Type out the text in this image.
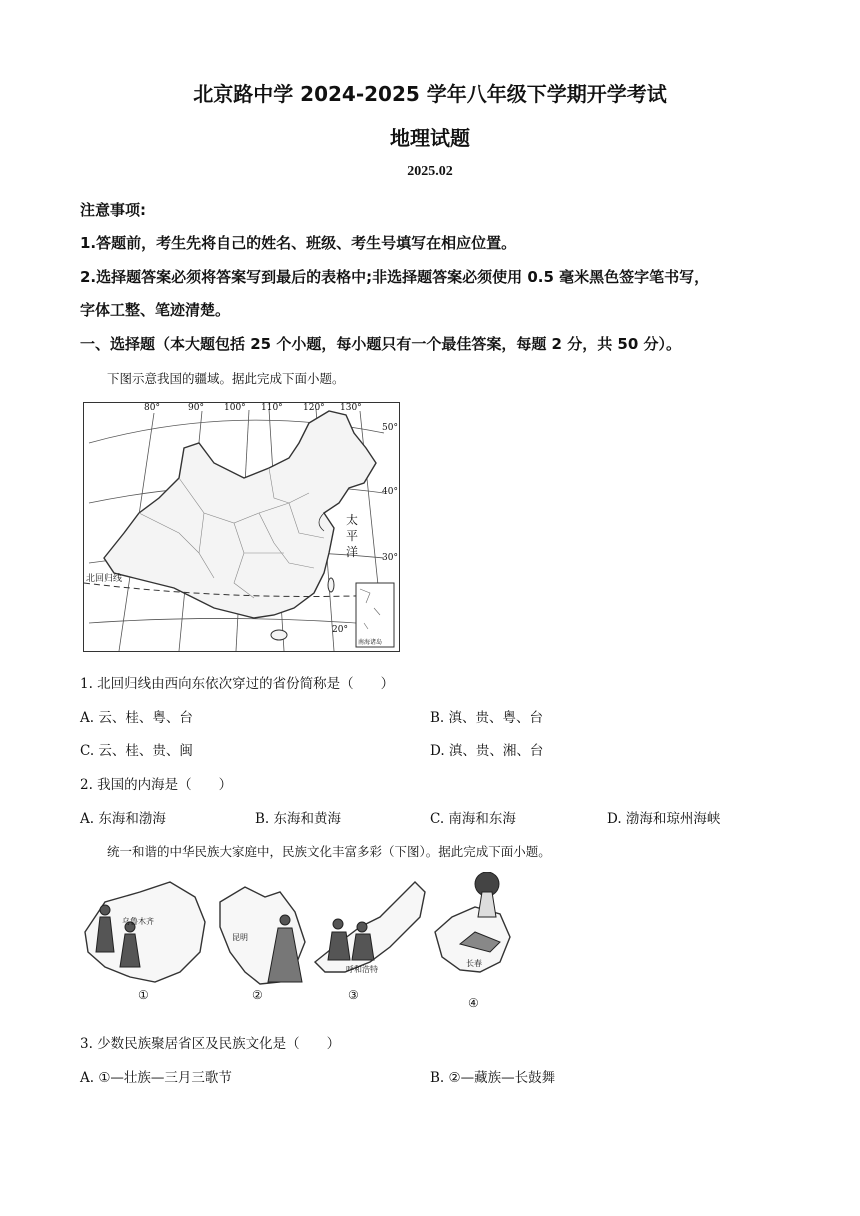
北京路中学 2024-2025 学年八年级下学期开学考试
地理试题
2025.02
注意事项:
1.答题前，考生先将自己的姓名、班级、考生号填写在相应位置。
2.选择题答案必须将答案写到最后的表格中;非选择题答案必须使用 0.5 毫米黑色签字笔书写，
字体工整、笔迹清楚。
一、选择题（本大题包括 25 个小题，每小题只有一个最佳答案，每题 2 分，共 50 分）。
下图示意我国的疆域。据此完成下面小题。
80°	90° 100° 110° 120° 130°
50°
40°
30°
20°
太
平
洋
北回归线
南海诸岛
1. 北回归线由西向东依次穿过的省份简称是（　　）
A. 云、桂、粤、台	B. 滇、贵、粤、台
C. 云、桂、贵、闽	D. 滇、贵、湘、台
2. 我国的内海是（　　）
A. 东海和渤海	B. 东海和黄海	C. 南海和东海	D. 渤海和琼州海峡
统一和谐的中华民族大家庭中，民族文化丰富多彩（下图）。据此完成下面小题。
乌鲁木齐
昆明
呼和浩特
长春
①	②	③
④
3. 少数民族聚居省区及民族文化是（　　）
A. ①—壮族—三月三歌节	B. ②—藏族—长鼓舞
